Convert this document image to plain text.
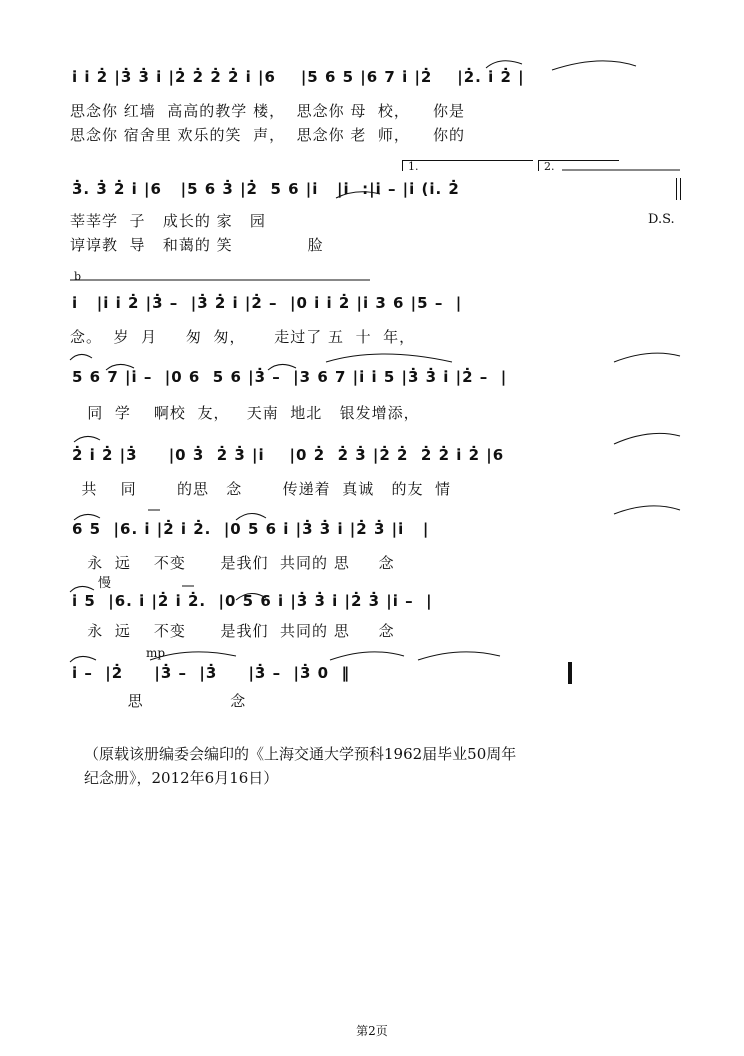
i̇ i̇ 2̇ |3̇ 3̇ i̇ |2̇ 2̇ 2̇ 2̇ i̇ |6    |5 6 5 |6 7 i̇ |2̇    |2̇. i̇ 2̇ |
思念你 红墙  高高的教学 楼，  思念你 母  校，    你是
思念你 宿舍里 欢乐的笑  声，  思念你 老  师，    你的
1.	2.
3̇. 3̇ 2̇ i̇ |6   |5 6 3̇ |2̇  5 6 |i̇   |i̇  :|i̇ – |i̇ (i̇. 2̇
莘莘学  子   成长的 家   园	D.S.
谆谆教  导   和蔼的 笑             脸
b
i̇   |i̇ i̇ 2̇ |3̇ –  |3̇ 2̇ i̇ |2̇ –  |0 i̇ i̇ 2̇ |i̇ 3 6 |5 –  |
念。  岁  月     匆  匆，     走过了 五  十  年，
5 6 7 |i̇ –  |0 6  5 6 |3̇ –  |3 6 7 |i̇ i̇ 5 |3̇ 3̇ i̇ |2̇ –  |
同  学    啊校  友，   天南  地北   银发增添，
2̇ i̇ 2̇ |3̇     |0 3̇  2̇ 3̇ |i̇    |0 2̇  2̇ 3̇ |2̇ 2̇  2̇ 2̇ i̇ 2̇ |6
共    同       的思   念       传递着  真诚   的友  情
6 5  |6. i̇ |2̇ i̇ 2̇.  |0 5 6 i̇ |3̇ 3̇ i̇ |2̇ 3̇ |i̇   |
永  远    不变      是我们  共同的 思     念
慢
i̇ 5  |6. i̇ |2̇ i̇ 2̇.  |0 5 6 i̇ |3̇ 3̇ i̇ |2̇ 3̇ |i̇ –  |
永  远    不变      是我们  共同的 思     念
mp
i̇ –  |2̇     |3̇ –  |3̇     |3̇ –  |3̇ 0  ‖
思               念
（原载该册编委会编印的《上海交通大学预科1962届毕业50周年
纪念册》，2012年6月16日）
第2页
